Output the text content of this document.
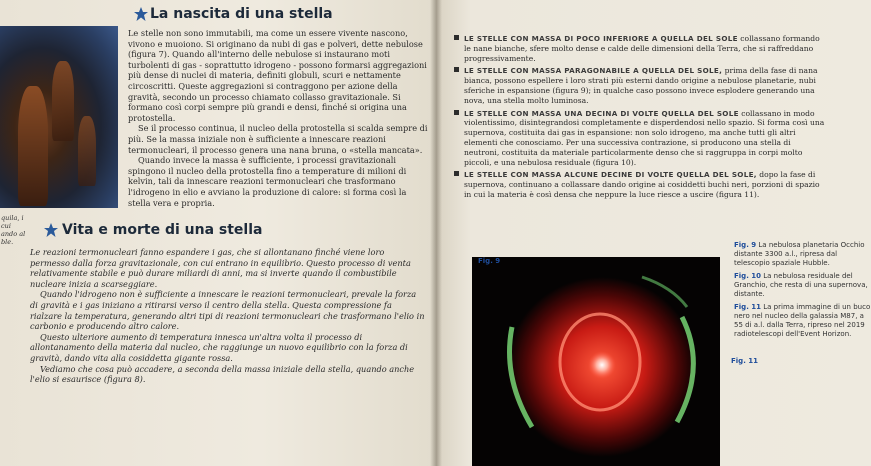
La nascita di una stella

Le stelle non sono immutabili, ma come un essere vivente nascono, vivono e muoiono. Si originano da nubi di gas e polveri, dette nebulose (figura 7). Quando all'interno delle nebulose si instaurano moti turbolenti di gas - soprattutto idrogeno - possono formarsi aggregazioni più dense di nuclei di materia, definiti globuli, scuri e nettamente circoscritti. Queste aggregazioni si contraggono per azione della gravità, secondo un processo chiamato collasso gravitazionale. Si formano così corpi sempre più grandi e densi, finché si origina una protostella.

Se il processo continua, il nucleo della protostella si scalda sempre di più. Se la massa iniziale non è sufficiente a innescare reazioni termonucleari, il processo genera una nana bruna, o «stella mancata».

Quando invece la massa è sufficiente, i processi gravitazionali spingono il nucleo della protostella fino a temperature di milioni di kelvin, tali da innescare reazioni termonucleari che trasformano l'idrogeno in elio e avviano la produzione di calore: si forma così la stella vera e propria.

quila, i cui ando al ble.
Vita e morte di una stella

Le reazioni termonucleari fanno espandere i gas, che si allontanano finché viene loro permesso dalla forza gravitazionale, con cui entrano in equilibrio. Questo processo di venta relativamente stabile e può durare miliardi di anni, ma si inverte quando il combustibile nucleare inizia a scarseggiare.

Quando l'idrogeno non è sufficiente a innescare le reazioni termonucleari, prevale la forza di gravità e i gas iniziano a ritirarsi verso il centro della stella. Questa compressione fa rialzare la temperatura, generando altri tipi di reazioni termonucleari che trasformano l'elio in carbonio e producendo altro calore.

Questo ulteriore aumento di temperatura innesca un'altra volta il processo di allontanamento della materia dal nucleo, che raggiunge un nuovo equilibrio con la forza di gravità, dando vita alla cosiddetta gigante rossa.

Vediamo che cosa può accadere, a seconda della massa iniziale della stella, quando anche l'elio si esaurisce (figura 8).

LE STELLE CON MASSA DI POCO INFERIORE A QUELLA DEL SOLE collassano formando le nane bianche, sfere molto dense e calde delle dimensioni della Terra, che si raffreddano progressivamente.
LE STELLE CON MASSA PARAGONABILE A QUELLA DEL SOLE, prima della fase di nana bianca, possono espellere i loro strati più esterni dando origine a nebulose planetarie, nubi sferiche in espansione (figura 9); in qualche caso possono invece esplodere generando una nova, una stella molto luminosa.
LE STELLE CON MASSA UNA DECINA DI VOLTE QUELLA DEL SOLE collassano in modo violentissimo, disintegrandosi completamente e disperdendosi nello spazio. Si forma così una supernova, costituita dai gas in espansione: non solo idrogeno, ma anche tutti gli altri elementi che conosciamo. Per una successiva contrazione, si producono una stella di neutroni, costituita da materiale particolarmente denso che si raggruppa in corpi molto piccoli, e una nebulosa residuale (figura 10).
LE STELLE CON MASSA ALCUNE DECINE DI VOLTE QUELLA DEL SOLE, dopo la fase di supernova, continuano a collassare dando origine ai cosiddetti buchi neri, porzioni di spazio in cui la materia è così densa che neppure la luce riesce a uscire (figura 11).
Fig. 9
Fig. 9 La nebulosa planetaria Occhio distante 3300 a.l., ripresa dal telescopio spaziale Hubble.
Fig. 10 La nebulosa residuale del Granchio, che resta di una supernova, distante.
Fig. 11 La prima immagine di un buco nero nel nucleo della galassia M87, a 55 di a.l. dalla Terra, ripreso nel 2019 radiotelescopi dell'Event Horizon.
Fig. 11
